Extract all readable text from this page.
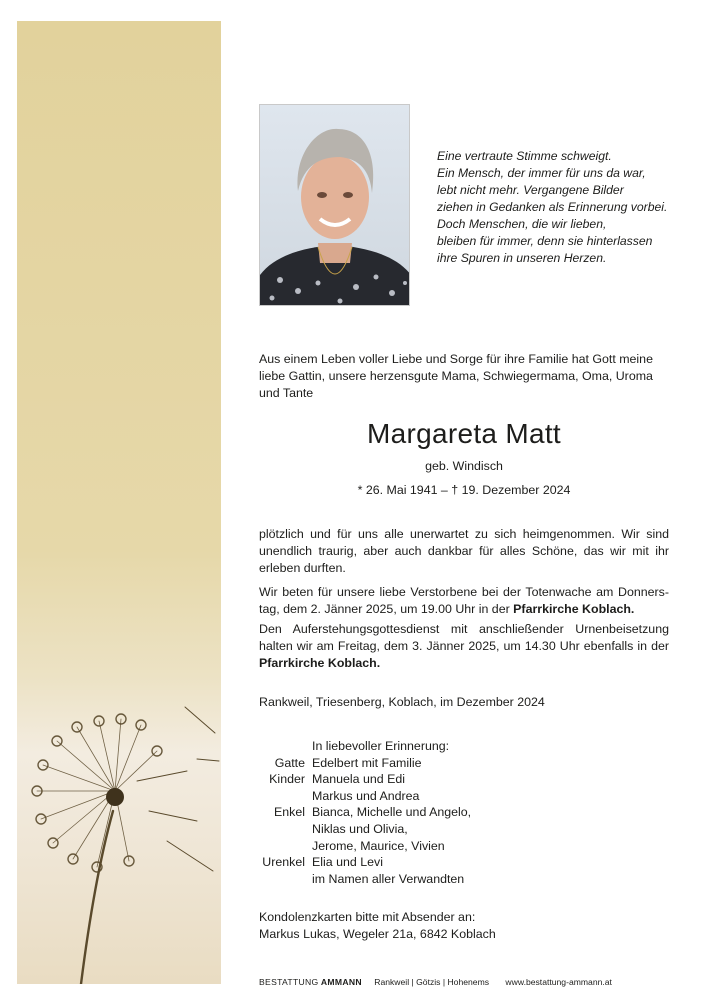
Eine vertraute Stimme schweigt.
Ein Mensch, der immer für uns da war,
lebt nicht mehr. Vergangene Bilder
ziehen in Gedanken als Erinnerung vorbei.
Doch Menschen, die wir lieben,
bleiben für immer, denn sie hinterlassen
ihre Spuren in unseren Herzen.
Aus einem Leben voller Liebe und Sorge für ihre Familie hat Gott meine liebe Gattin, unsere herzensgute Mama, Schwiegermama, Oma, Uroma und Tante
Margareta Matt
geb. Windisch
* 26. Mai 1941 – † 19. Dezember 2024
plötzlich und für uns alle unerwartet zu sich heimgenommen. Wir sind unendlich traurig, aber auch dankbar für alles Schöne, das wir mit ihr erleben durften.
Wir beten für unsere liebe Verstorbene bei der Totenwache am Donnerstag, dem 2. Jänner 2025, um 19.00 Uhr in der Pfarrkirche Koblach.
Den Auferstehungsgottesdienst mit anschließender Urnenbeisetzung halten wir am Freitag, dem 3. Jänner 2025, um 14.30 Uhr ebenfalls in der Pfarrkirche Koblach.
Rankweil, Triesenberg, Koblach, im Dezember 2024
In liebevoller Erinnerung:
Gatte Edelbert mit Familie
Kinder Manuela und Edi
Markus und Andrea
Enkel Bianca, Michelle und Angelo,
Niklas und Olivia,
Jerome, Maurice, Vivien
Urenkel Elia und Levi
im Namen aller Verwandten
Kondolenzkarten bitte mit Absender an:
Markus Lukas, Wegeler 21a, 6842 Koblach
BESTATTUNG AMMANN Rankweil | Götzis | Hohenems www.bestattung-ammann.at
